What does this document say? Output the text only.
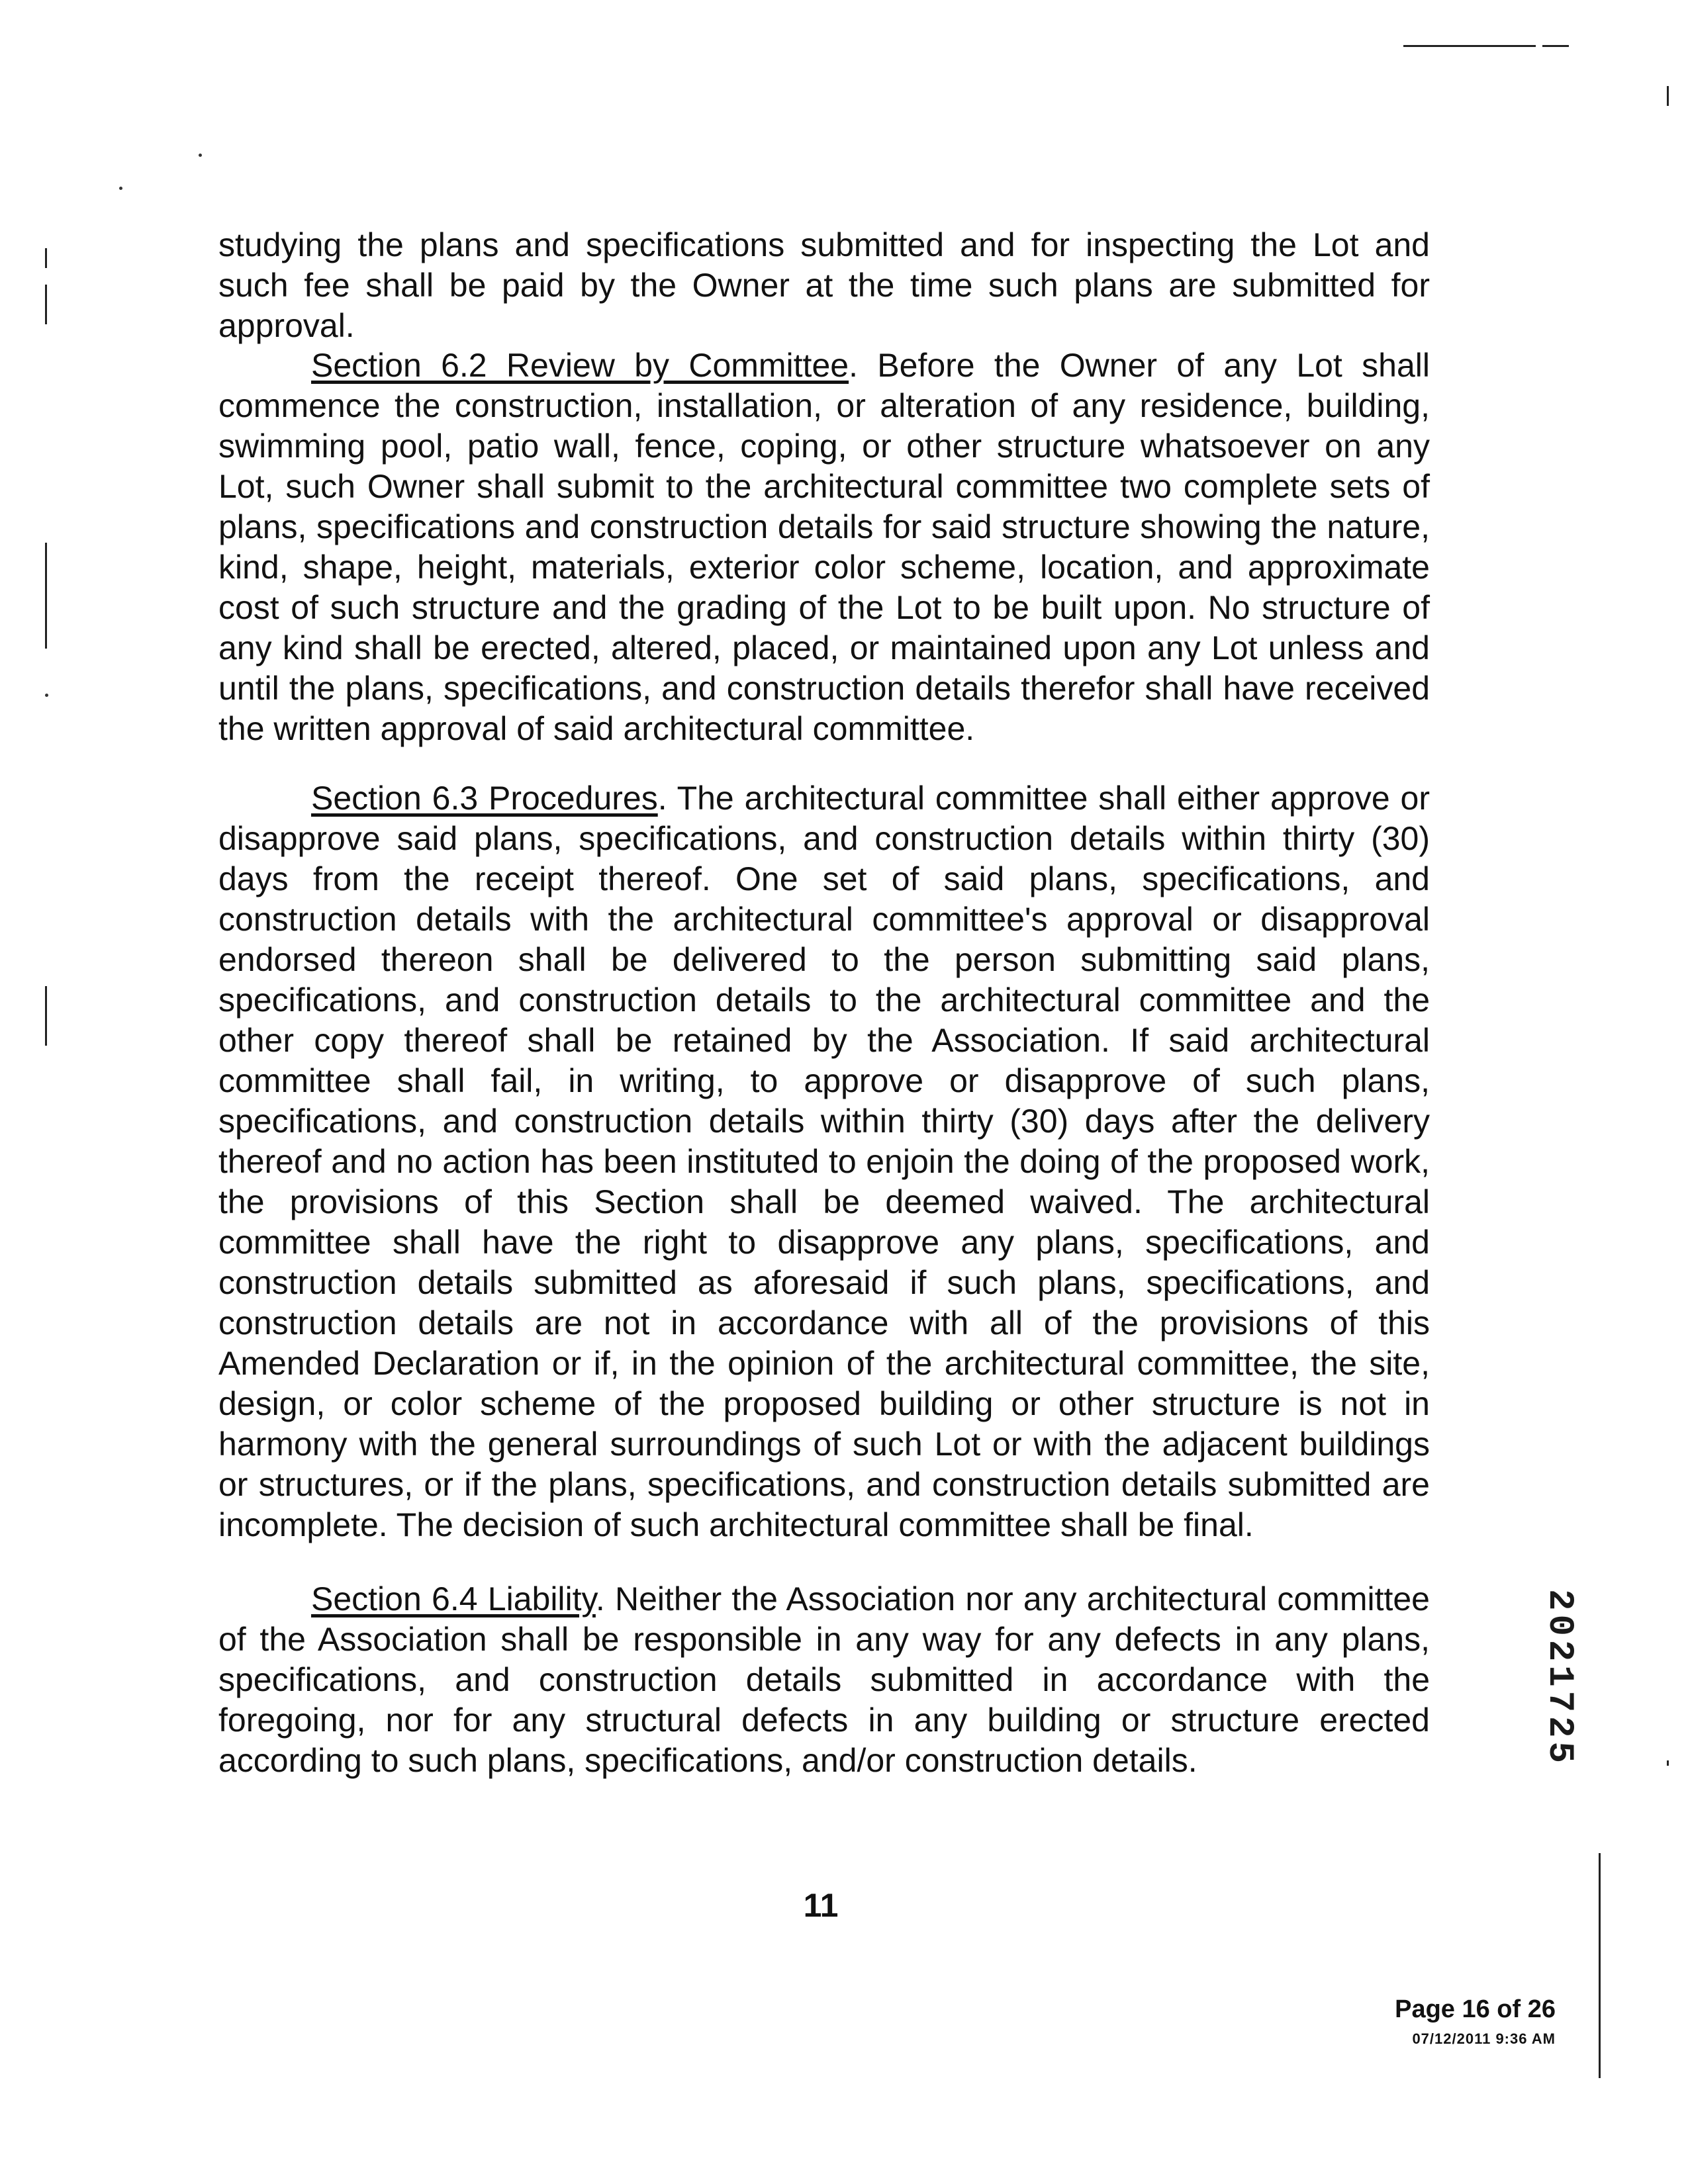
studying the plans and specifications submitted and for inspecting the Lot and such fee shall be paid by the Owner at the time such plans are submitted for approval.

Section 6.2 Review by Committee. Before the Owner of any Lot shall commence the construction, installation, or alteration of any residence, building, swimming pool, patio wall, fence, coping, or other structure whatsoever on any Lot, such Owner shall submit to the architectural committee two complete sets of plans, specifications and construction details for said structure showing the nature, kind, shape, height, materials, exterior color scheme, location, and approximate cost of such structure and the grading of the Lot to be built upon. No structure of any kind shall be erected, altered, placed, or maintained upon any Lot unless and until the plans, specifications, and construction details therefor shall have received the written approval of said architectural committee.

Section 6.3 Procedures. The architectural committee shall either approve or disapprove said plans, specifications, and construction details within thirty (30) days from the receipt thereof. One set of said plans, specifications, and construction details with the architectural committee's approval or disapproval endorsed thereon shall be delivered to the person submitting said plans, specifications, and construction details to the architectural committee and the other copy thereof shall be retained by the Association. If said architectural committee shall fail, in writing, to approve or disapprove of such plans, specifications, and construction details within thirty (30) days after the delivery thereof and no action has been instituted to enjoin the doing of the proposed work, the provisions of this Section shall be deemed waived. The architectural committee shall have the right to disapprove any plans, specifications, and construction details submitted as aforesaid if such plans, specifications, and construction details are not in accordance with all of the provisions of this Amended Declaration or if, in the opinion of the architectural committee, the site, design, or color scheme of the proposed building or other structure is not in harmony with the general surroundings of such Lot or with the adjacent buildings or structures, or if the plans, specifications, and construction details submitted are incomplete. The decision of such architectural committee shall be final.

Section 6.4 Liability. Neither the Association nor any architectural committee of the Association shall be responsible in any way for any defects in any plans, specifications, and construction details submitted in accordance with the foregoing, nor for any structural defects in any building or structure erected according to such plans, specifications, and/or construction details.	2021725
11
Page 16 of 26
07/12/2011 9:36 AM
